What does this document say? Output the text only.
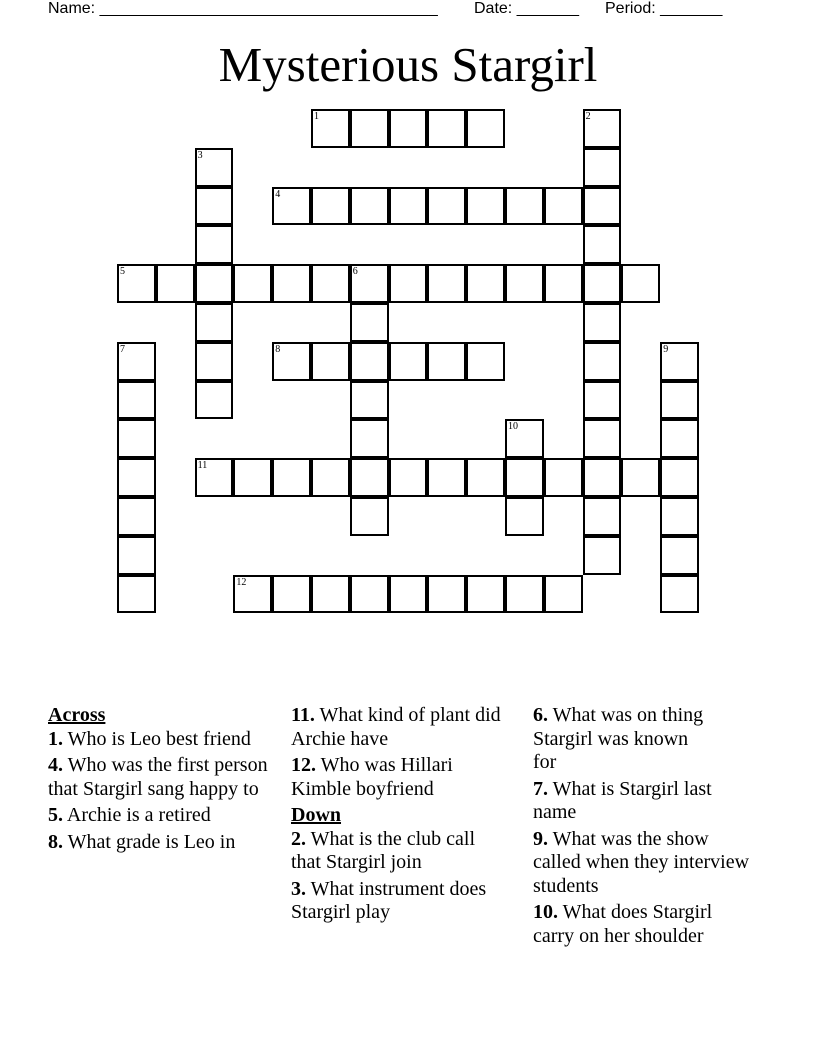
Name: ______________________________________ Date: _______ Period: _______
Mysterious Stargirl
1	2
3
4
5	6
7	8	9
10
11
12
Across
1. Who is Leo best friend
4. Who was the first person that Stargirl sang happy to
5. Archie is a retired
8. What grade is Leo in
11. What kind of plant did Archie have
12. Who was Hillari Kimble boyfriend
Down
2. What is the club call that Stargirl join
3. What instrument does Stargirl play
6. What was on thing Stargirl was known for
7. What is Stargirl last name
9. What was the show called when they interview students
10. What does Stargirl carry on her shoulder
